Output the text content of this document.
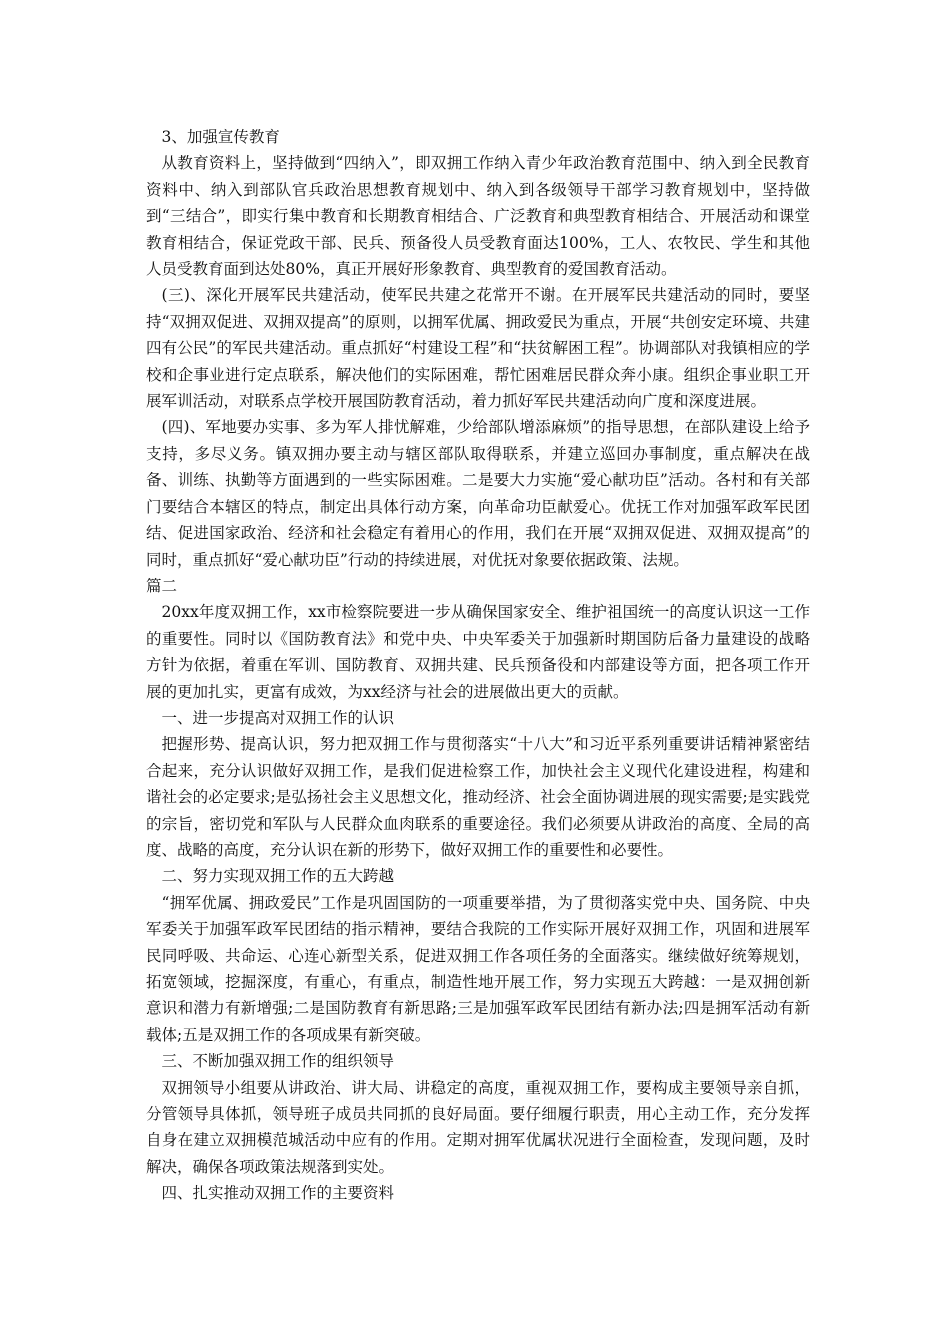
3、加强宣传教育

从教育资料上，坚持做到“四纳入”，即双拥工作纳入青少年政治教育范围中、纳入到全民教育资料中、纳入到部队官兵政治思想教育规划中、纳入到各级领导干部学习教育规划中，坚持做到“三结合”，即实行集中教育和长期教育相结合、广泛教育和典型教育相结合、开展活动和课堂教育相结合，保证党政干部、民兵、预备役人员受教育面达100%，工人、农牧民、学生和其他人员受教育面到达处80%，真正开展好形象教育、典型教育的爱国教育活动。

(三)、深化开展军民共建活动，使军民共建之花常开不谢。在开展军民共建活动的同时，要坚持“双拥双促进、双拥双提高”的原则，以拥军优属、拥政爱民为重点，开展“共创安定环境、共建四有公民”的军民共建活动。重点抓好“村建设工程”和“扶贫解困工程”。协调部队对我镇相应的学校和企事业进行定点联系，解决他们的实际困难，帮忙困难居民群众奔小康。组织企事业职工开展军训活动，对联系点学校开展国防教育活动，着力抓好军民共建活动向广度和深度进展。

(四)、军地要办实事、多为军人排忧解难，少给部队增添麻烦”的指导思想，在部队建设上给予支持，多尽义务。镇双拥办要主动与辖区部队取得联系，并建立巡回办事制度，重点解决在战备、训练、执勤等方面遇到的一些实际困难。二是要大力实施“爱心献功臣”活动。各村和有关部门要结合本辖区的特点，制定出具体行动方案，向革命功臣献爱心。优抚工作对加强军政军民团结、促进国家政治、经济和社会稳定有着用心的作用，我们在开展“双拥双促进、双拥双提高”的同时，重点抓好“爱心献功臣”行动的持续进展，对优抚对象要依据政策、法规。

篇二

20xx年度双拥工作，xx市检察院要进一步从确保国家安全、维护祖国统一的高度认识这一工作的重要性。同时以《国防教育法》和党中央、中央军委关于加强新时期国防后备力量建设的战略方针为依据，着重在军训、国防教育、双拥共建、民兵预备役和内部建设等方面，把各项工作开展的更加扎实，更富有成效，为xx经济与社会的进展做出更大的贡献。

一、进一步提高对双拥工作的认识

把握形势、提高认识，努力把双拥工作与贯彻落实“十八大”和习近平系列重要讲话精神紧密结合起来，充分认识做好双拥工作，是我们促进检察工作，加快社会主义现代化建设进程，构建和谐社会的必定要求;是弘扬社会主义思想文化，推动经济、社会全面协调进展的现实需要;是实践党的宗旨，密切党和军队与人民群众血肉联系的重要途径。我们必须要从讲政治的高度、全局的高度、战略的高度，充分认识在新的形势下，做好双拥工作的重要性和必要性。

二、努力实现双拥工作的五大跨越

“拥军优属、拥政爱民”工作是巩固国防的一项重要举措，为了贯彻落实党中央、国务院、中央军委关于加强军政军民团结的指示精神，要结合我院的工作实际开展好双拥工作，巩固和进展军民同呼吸、共命运、心连心新型关系，促进双拥工作各项任务的全面落实。继续做好统筹规划，拓宽领域，挖掘深度，有重心，有重点，制造性地开展工作，努力实现五大跨越：一是双拥创新意识和潜力有新增强;二是国防教育有新思路;三是加强军政军民团结有新办法;四是拥军活动有新载体;五是双拥工作的各项成果有新突破。

三、不断加强双拥工作的组织领导

双拥领导小组要从讲政治、讲大局、讲稳定的高度，重视双拥工作，要构成主要领导亲自抓，分管领导具体抓，领导班子成员共同抓的良好局面。要仔细履行职责，用心主动工作，充分发挥自身在建立双拥模范城活动中应有的作用。定期对拥军优属状况进行全面检查，发现问题，及时解决，确保各项政策法规落到实处。

四、扎实推动双拥工作的主要资料
